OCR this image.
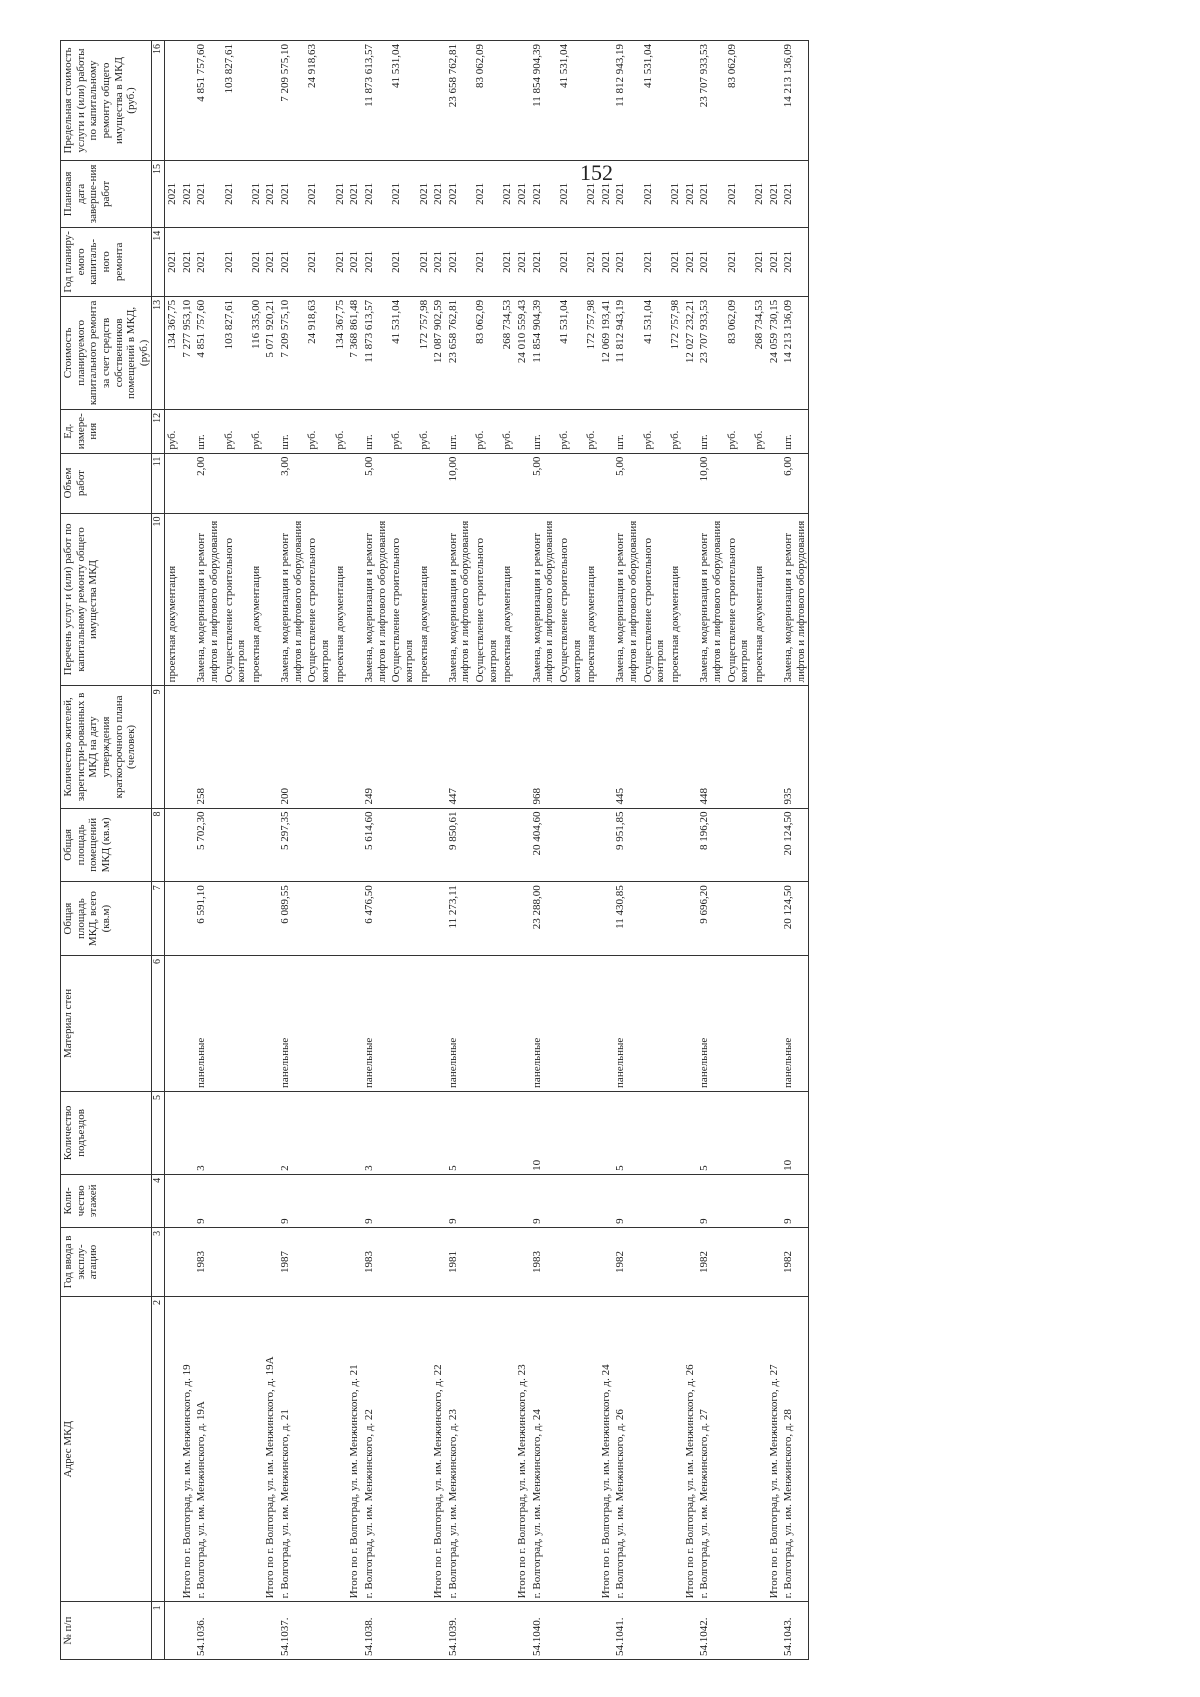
152
№ п/п	Адрес МКД	Год ввода в эксплу-атацию	Коли-чество этажей	Количество подъездов	Материал стен	Общая площадь МКД, всего (кв.м)	Общая площадь помещений МКД (кв.м)	Количество жителей, зарегистри-рованных в МКД на дату утверждения краткосрочного плана (человек)	Перечень услуг и (или) работ по капитальному ремонту общего имущества МКД	Объем работ	Ед. измере-ния	Стоимость планируемого капитального ремонта за счет средств собственников помещений в МКД, (руб.)	Год планиру-емого капиталь-ного ремонта	Плановая дата заверше-ния работ	Предельная стоимость услуги и (или) работы по капитальному ремонту общего имущества в МКД (руб.)
1	2	3	4	5	6	7	8	9	10	11	12	13	14	15	16
									проектная документация		руб.	134 367,75	2021	2021	
	Итого по г. Волгоград, ул. им. Менжинского, д. 19											7 277 953,10	2021	2021	
54.1036.	г. Волгоград, ул. им. Менжинского, д. 19А	1983	9	3	панельные	6 591,10	5 702,30	258	Замена, модернизация и ремонт лифтов и лифтового оборудования	2,00	шт.	4 851 757,60	2021	2021	4 851 757,60
									Осуществление строительного контроля		руб.	103 827,61	2021	2021	103 827,61
									проектная документация		руб.	116 335,00	2021	2021	
	Итого по г. Волгоград, ул. им. Менжинского, д. 19А											5 071 920,21	2021	2021	
54.1037.	г. Волгоград, ул. им. Менжинского, д. 21	1987	9	2	панельные	6 089,55	5 297,35	200	Замена, модернизация и ремонт лифтов и лифтового оборудования	3,00	шт.	7 209 575,10	2021	2021	7 209 575,10
									Осуществление строительного контроля		руб.	24 918,63	2021	2021	24 918,63
									проектная документация		руб.	134 367,75	2021	2021	
	Итого по г. Волгоград, ул. им. Менжинского, д. 21											7 368 861,48	2021	2021	
54.1038.	г. Волгоград, ул. им. Менжинского, д. 22	1983	9	3	панельные	6 476,50	5 614,60	249	Замена, модернизация и ремонт лифтов и лифтового оборудования	5,00	шт.	11 873 613,57	2021	2021	11 873 613,57
									Осуществление строительного контроля		руб.	41 531,04	2021	2021	41 531,04
									проектная документация		руб.	172 757,98	2021	2021	
	Итого по г. Волгоград, ул. им. Менжинского, д. 22											12 087 902,59	2021	2021	
54.1039.	г. Волгоград, ул. им. Менжинского, д. 23	1981	9	5	панельные	11 273,11	9 850,61	447	Замена, модернизация и ремонт лифтов и лифтового оборудования	10,00	шт.	23 658 762,81	2021	2021	23 658 762,81
									Осуществление строительного контроля		руб.	83 062,09	2021	2021	83 062,09
									проектная документация		руб.	268 734,53	2021	2021	
	Итого по г. Волгоград, ул. им. Менжинского, д. 23											24 010 559,43	2021	2021	
54.1040.	г. Волгоград, ул. им. Менжинского, д. 24	1983	9	10	панельные	23 288,00	20 404,60	968	Замена, модернизация и ремонт лифтов и лифтового оборудования	5,00	шт.	11 854 904,39	2021	2021	11 854 904,39
									Осуществление строительного контроля		руб.	41 531,04	2021	2021	41 531,04
									проектная документация		руб.	172 757,98	2021	2021	
	Итого по г. Волгоград, ул. им. Менжинского, д. 24											12 069 193,41	2021	2021	
54.1041.	г. Волгоград, ул. им. Менжинского, д. 26	1982	9	5	панельные	11 430,85	9 951,85	445	Замена, модернизация и ремонт лифтов и лифтового оборудования	5,00	шт.	11 812 943,19	2021	2021	11 812 943,19
									Осуществление строительного контроля		руб.	41 531,04	2021	2021	41 531,04
									проектная документация		руб.	172 757,98	2021	2021	
	Итого по г. Волгоград, ул. им. Менжинского, д. 26											12 027 232,21	2021	2021	
54.1042.	г. Волгоград, ул. им. Менжинского, д. 27	1982	9	5	панельные	9 696,20	8 196,20	448	Замена, модернизация и ремонт лифтов и лифтового оборудования	10,00	шт.	23 707 933,53	2021	2021	23 707 933,53
									Осуществление строительного контроля		руб.	83 062,09	2021	2021	83 062,09
									проектная документация		руб.	268 734,53	2021	2021	
	Итого по г. Волгоград, ул. им. Менжинского, д. 27											24 059 730,15	2021	2021	
54.1043.	г. Волгоград, ул. им. Менжинского, д. 28	1982	9	10	панельные	20 124,50	20 124,50	935	Замена, модернизация и ремонт лифтов и лифтового оборудования	6,00	шт.	14 213 136,09	2021	2021	14 213 136,09
